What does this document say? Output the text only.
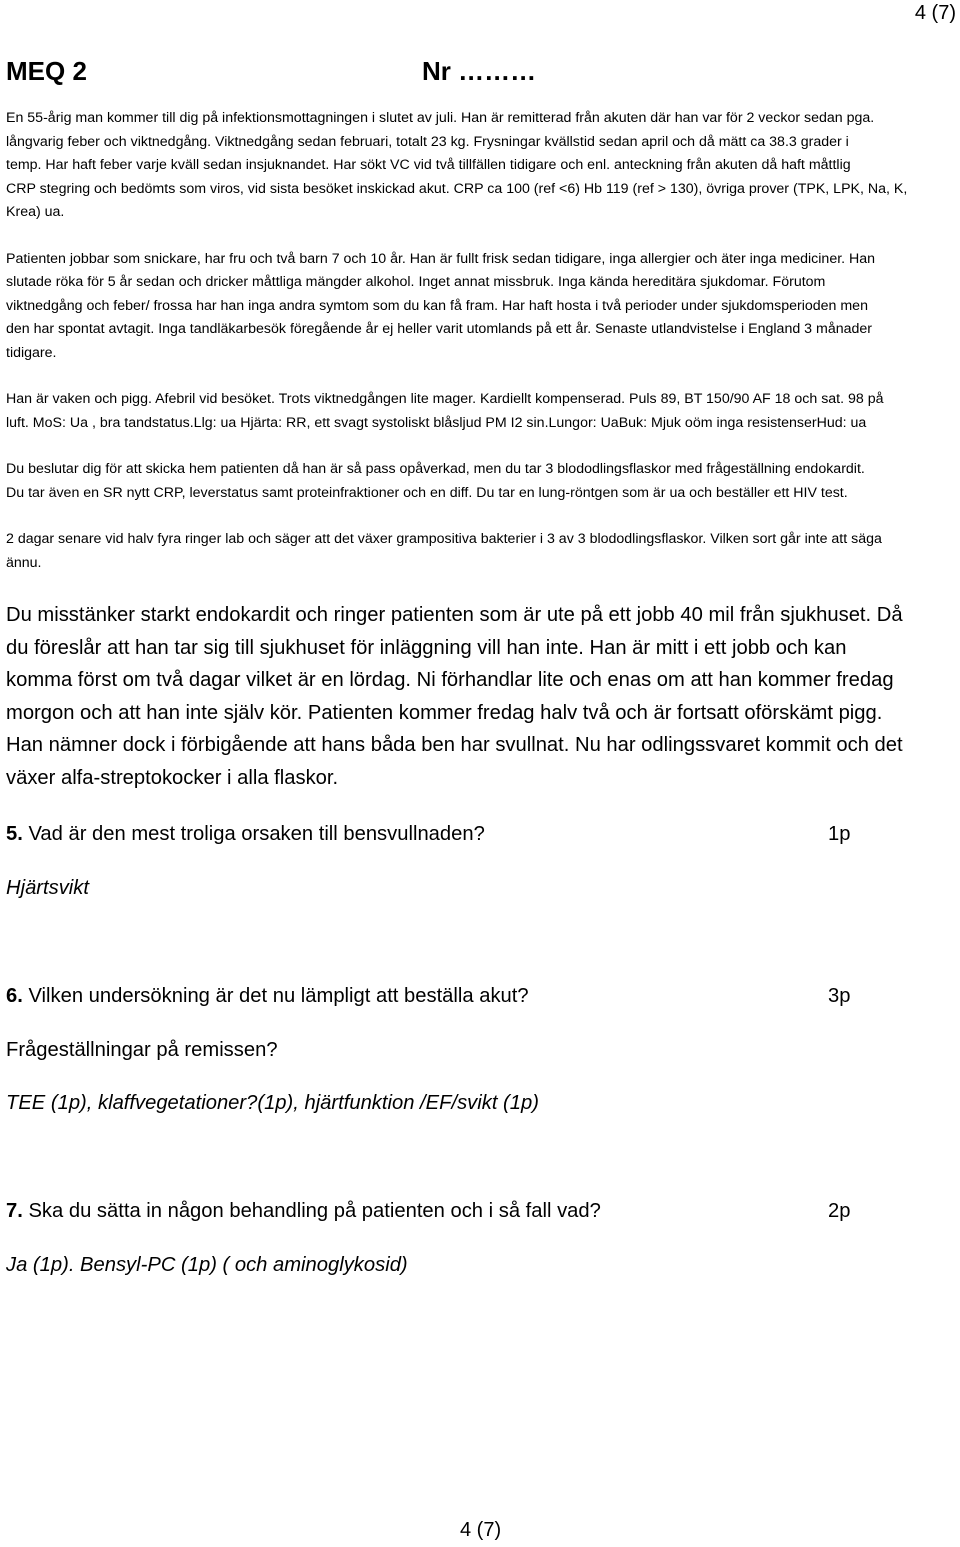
4 (7)
MEQ 2	Nr ………

En 55-årig man kommer till dig på infektionsmottagningen i slutet av juli. Han är remitterad från akuten där han var för 2 veckor sedan pga.

långvarig feber och viktnedgång. Viktnedgång sedan februari, totalt 23 kg. Frysningar kvällstid sedan april och då mätt ca 38.3 grader i

temp. Har haft feber varje kväll sedan insjuknandet. Har sökt VC vid två tillfällen tidigare och enl. anteckning från akuten då haft måttlig

CRP stegring och bedömts som viros, vid sista besöket inskickad akut. CRP ca 100 (ref <6) Hb 119 (ref > 130), övriga prover (TPK, LPK, Na, K,

Krea) ua.

Patienten jobbar som snickare, har fru och två barn 7 och 10 år. Han är fullt frisk sedan tidigare, inga allergier och äter inga mediciner. Han

slutade röka för 5 år sedan och dricker måttliga mängder alkohol. Inget annat missbruk. Inga kända hereditära sjukdomar. Förutom

viktnedgång och feber/ frossa har han inga andra symtom som du kan få fram. Har haft hosta i två perioder under sjukdomsperioden men

den har spontat avtagit. Inga tandläkarbesök föregående år ej heller varit utomlands på ett år. Senaste utlandvistelse i England 3 månader

tidigare.

Han är vaken och pigg. Afebril vid besöket. Trots viktnedgången lite mager. Kardiellt kompenserad. Puls 89, BT 150/90 AF 18 och sat. 98 på

luft. MoS: Ua , bra tandstatus.Llg: ua Hjärta: RR, ett svagt systoliskt blåsljud PM I2 sin.Lungor: UaBuk: Mjuk oöm inga resistenserHud: ua

Du beslutar dig för att skicka hem patienten då han är så pass opåverkad, men du tar 3 blododlingsflaskor med frågeställning endokardit.

Du tar även en SR nytt CRP, leverstatus samt proteinfraktioner och en diff. Du tar en lung-röntgen som är ua och beställer ett HIV test.

2 dagar senare vid halv fyra ringer lab och säger att det växer grampositiva bakterier i 3 av 3 blododlingsflaskor. Vilken sort går inte att säga

ännu.

Du misstänker starkt endokardit och ringer patienten som är ute på ett jobb 40 mil från sjukhuset. Då

du föreslår att han tar sig till sjukhuset för inläggning vill han inte. Han är mitt i ett jobb och kan

komma först om två dagar vilket är en lördag. Ni förhandlar lite och enas om att han kommer fredag

morgon och att han inte själv kör. Patienten kommer fredag halv två och är fortsatt oförskämt pigg.

Han nämner dock i förbigående att hans båda ben har svullnat. Nu har odlingssvaret kommit och det

växer alfa-streptokocker i alla flaskor.

5. Vad är den mest troliga orsaken till bensvullnaden?	1p

Hjärtsvikt

6. Vilken undersökning är det nu lämpligt att beställa akut?	3p

Frågeställningar på remissen?

TEE (1p), klaffvegetationer?(1p), hjärtfunktion /EF/svikt (1p)

7. Ska du sätta in någon behandling på patienten och i så fall vad?	2p

Ja (1p). Bensyl-PC (1p) ( och aminoglykosid)

4 (7)
